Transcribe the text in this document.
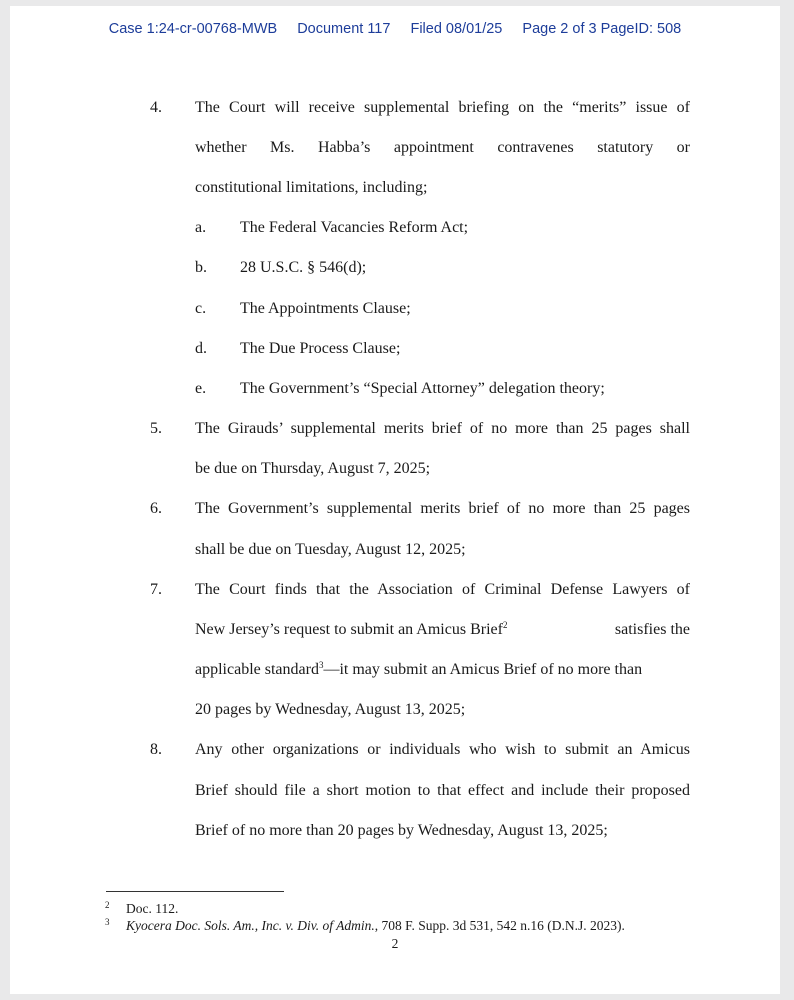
Case 1:24-cr-00768-MWB Document 117 Filed 08/01/25 Page 2 of 3 PageID: 508
4.	The Court will receive supplemental briefing on the “merits” issue of
whether Ms. Habba’s appointment contravenes statutory or
constitutional limitations, including;
a. The Federal Vacancies Reform Act;
b. 28 U.S.C. § 546(d);
c. The Appointments Clause;
d. The Due Process Clause;
e. The Government’s “Special Attorney” delegation theory;
5.	The Girauds’ supplemental merits brief of no more than 25 pages shall
be due on Thursday, August 7, 2025;
6.	The Government’s supplemental merits brief of no more than 25 pages
shall be due on Tuesday, August 12, 2025;
7.	The Court finds that the Association of Criminal Defense Lawyers of
New Jersey’s request to submit an Amicus Brief$^2$	satisfies the
applicable standard$^3$—it may submit an Amicus Brief of no more than
20 pages by Wednesday, August 13, 2025;
8.	Any other organizations or individuals who wish to submit an Amicus
Brief should file a short motion to that effect and include their proposed
Brief of no more than 20 pages by Wednesday, August 13, 2025;
2 Doc. 112.
3 Kyocera Doc. Sols. Am., Inc. v. Div. of Admin., 708 F. Supp. 3d 531, 542 n.16 (D.N.J. 2023).
2
